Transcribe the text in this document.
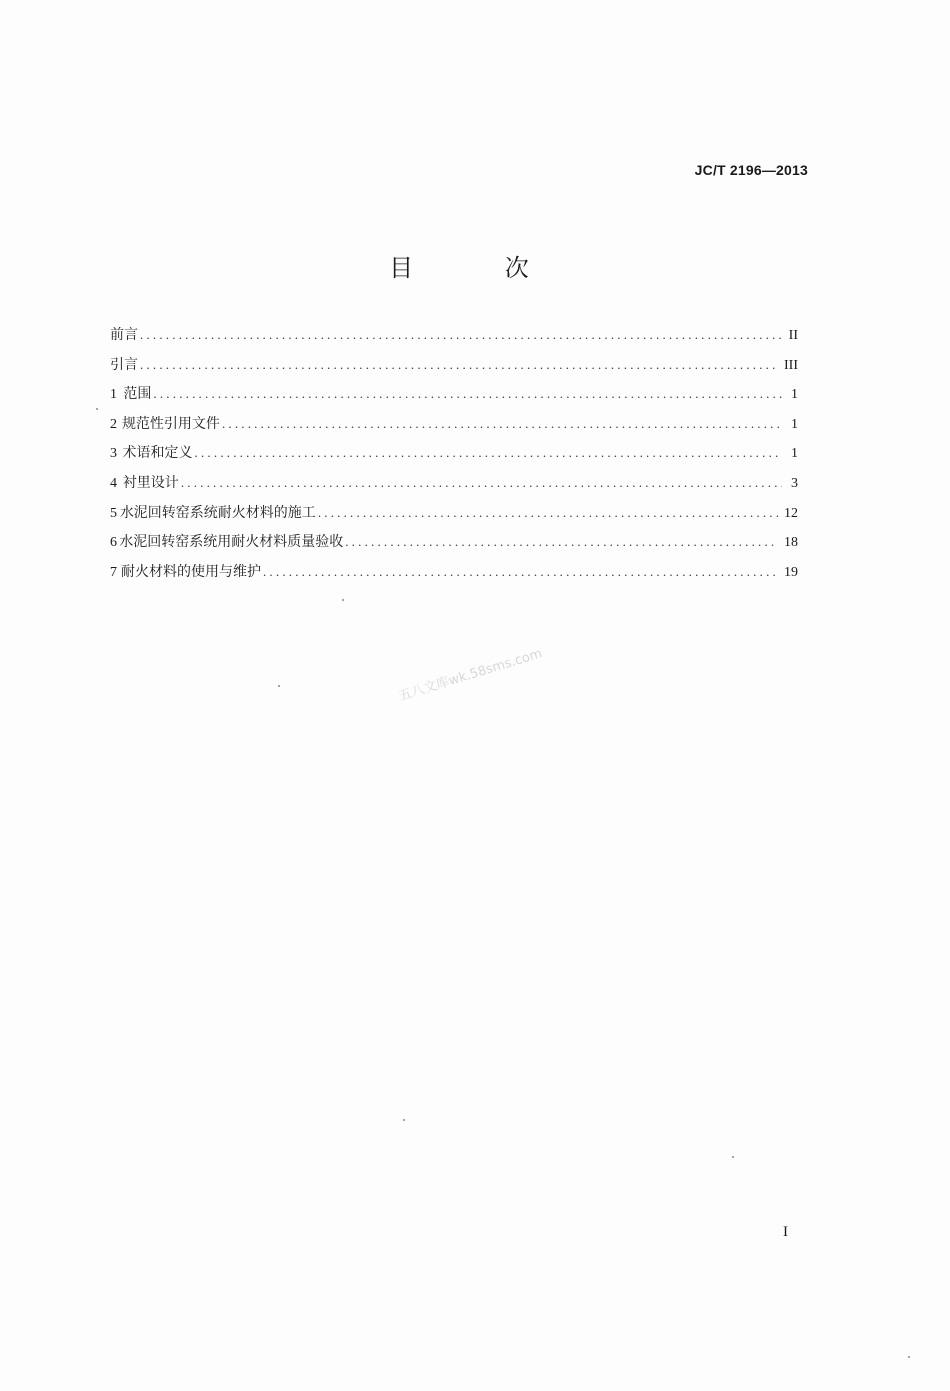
JC/T 2196—2013
目 次
前言 .....	II
引言 .....	III
1 范围 .....	1
2 规范性引用文件 .....	1
3 术语和定义 .....	1
4 衬里设计 .....	3
5 水泥回转窑系统耐火材料的施工 .....	12
6 水泥回转窑系统用耐火材料质量验收 .....	18
7 耐火材料的使用与维护 .....	19
五八文库wk.58sms.com
I
